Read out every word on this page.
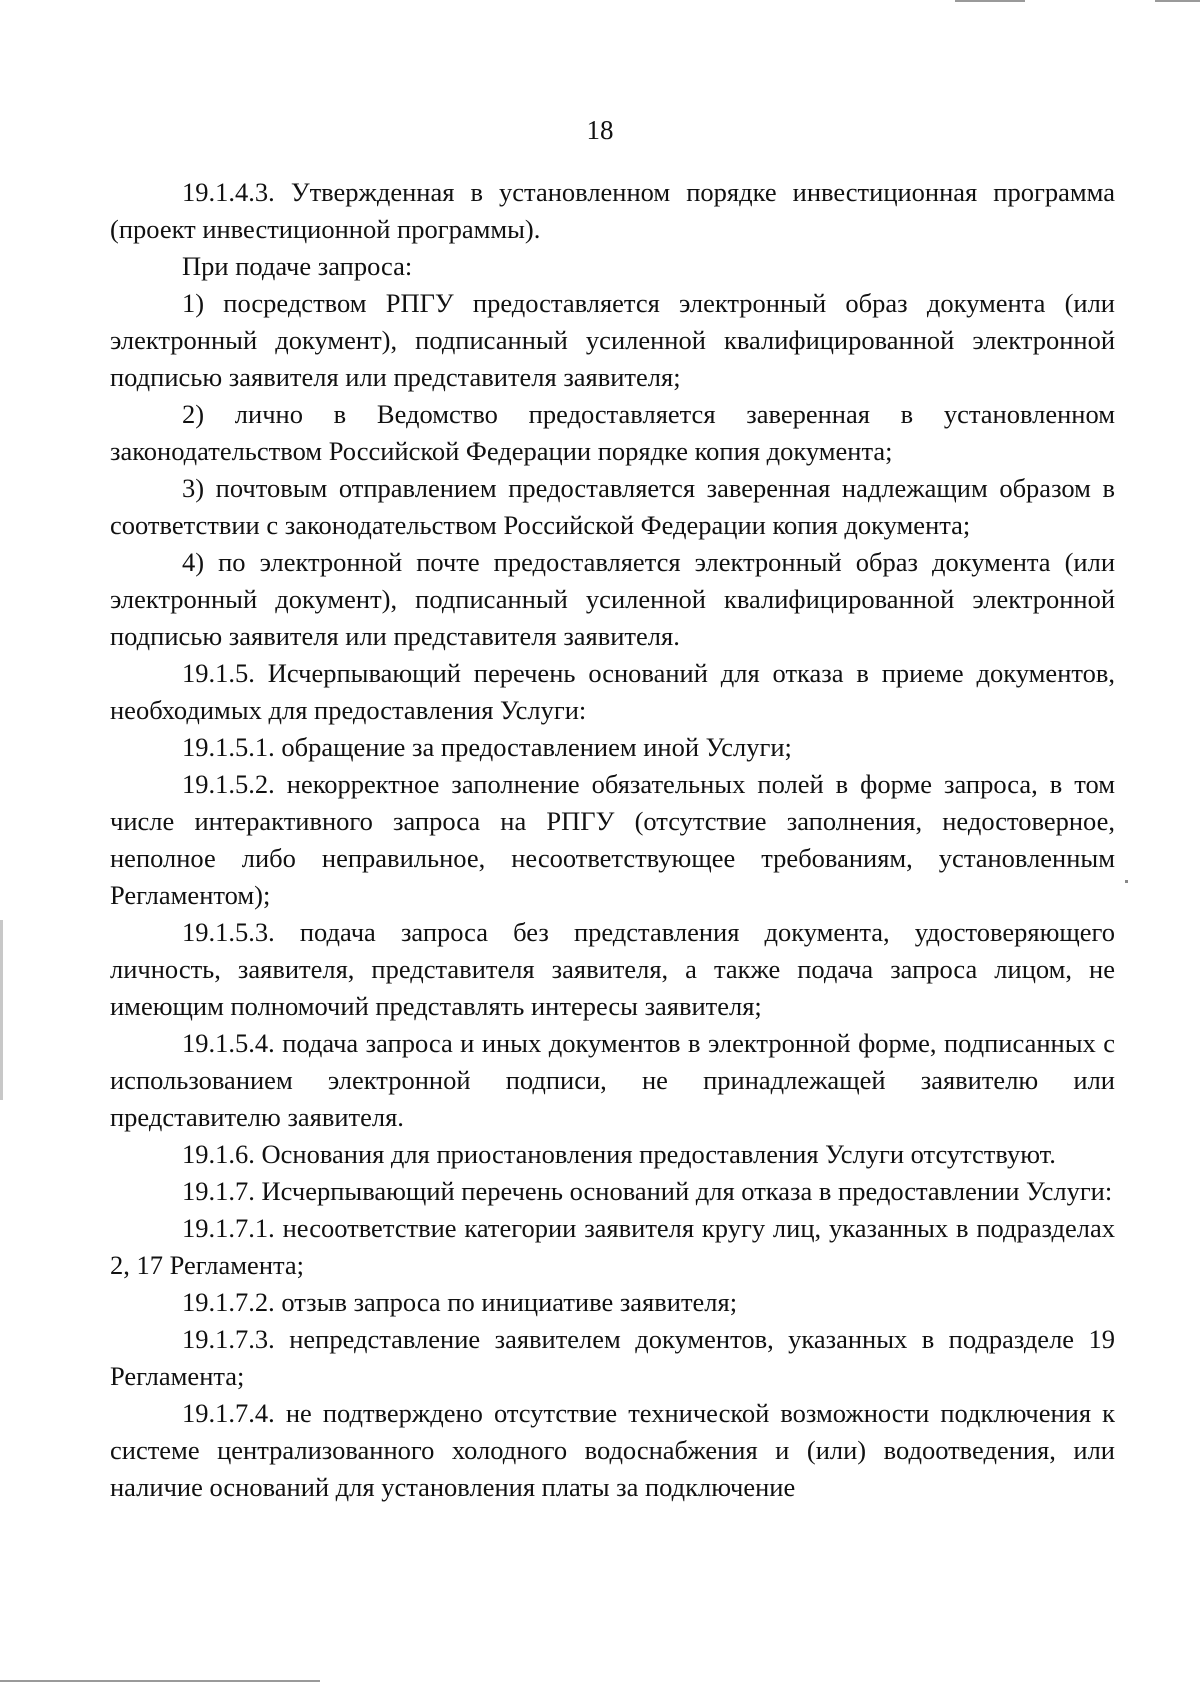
18

19.1.4.3. Утвержденная в установленном порядке инвестиционная программа (проект инвестиционной программы).

При подаче запроса:

1) посредством РПГУ предоставляется электронный образ документа (или электронный документ), подписанный усиленной квалифицированной электронной подписью заявителя или представителя заявителя;

2) лично в Ведомство предоставляется заверенная в установленном законодательством Российской Федерации порядке копия документа;

3) почтовым отправлением предоставляется заверенная надлежащим образом в соответствии с законодательством Российской Федерации копия документа;

4) по электронной почте предоставляется электронный образ документа (или электронный документ), подписанный усиленной квалифицированной электронной подписью заявителя или представителя заявителя.

19.1.5. Исчерпывающий перечень оснований для отказа в приеме документов, необходимых для предоставления Услуги:

19.1.5.1. обращение за предоставлением иной Услуги;

19.1.5.2. некорректное заполнение обязательных полей в форме запроса, в том числе интерактивного запроса на РПГУ (отсутствие заполнения, недостоверное, неполное либо неправильное, несоответствующее требованиям, установленным Регламентом);

19.1.5.3. подача запроса без представления документа, удостоверяющего личность, заявителя, представителя заявителя, а также подача запроса лицом, не имеющим полномочий представлять интересы заявителя;

19.1.5.4. подача запроса и иных документов в электронной форме, подписанных с использованием электронной подписи, не принадлежащей заявителю или представителю заявителя.

19.1.6. Основания для приостановления предоставления Услуги отсутствуют.

19.1.7. Исчерпывающий перечень оснований для отказа в предоставлении Услуги:

19.1.7.1. несоответствие категории заявителя кругу лиц, указанных в подразделах 2, 17 Регламента;

19.1.7.2. отзыв запроса по инициативе заявителя;

19.1.7.3. непредставление заявителем документов, указанных в подразделе 19 Регламента;

19.1.7.4. не подтверждено отсутствие технической возможности подключения к системе централизованного холодного водоснабжения и (или) водоотведения, или наличие оснований для установления платы за подключение
